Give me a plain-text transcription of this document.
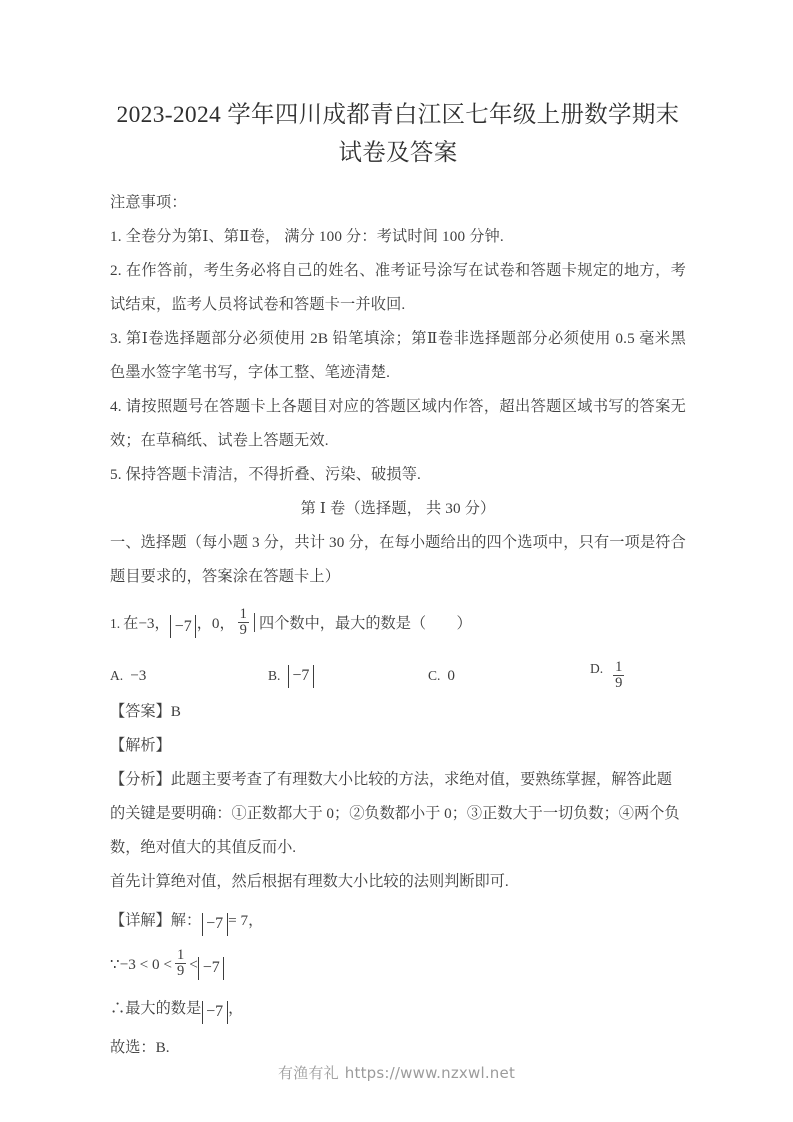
2023-2024 学年四川成都青白江区七年级上册数学期末试卷及答案

注意事项：

1. 全卷分为第Ⅰ、第Ⅱ卷， 满分 100 分：考试时间 100 分钟.

2. 在作答前，考生务必将自己的姓名、准考证号涂写在试卷和答题卡规定的地方，考试结束，监考人员将试卷和答题卡一并收回.

3. 第Ⅰ卷选择题部分必须使用 2B 铅笔填涂；第Ⅱ卷非选择题部分必须使用 0.5 毫米黑色墨水签字笔书写，字体工整、笔迹清楚.

4. 请按照题号在答题卡上各题目对应的答题区域内作答，超出答题区域书写的答案无效；在草稿纸、试卷上答题无效.

5. 保持答题卡清洁，不得折叠、污染、破损等.

第 Ⅰ 卷（选择题， 共 30 分）

一、选择题（每小题 3 分，共计 30 分，在每小题给出的四个选项中，只有一项是符合题目要求的，答案涂在答题卡上）

1. 在−3， −7 ，0， $\frac{1}{9}$ 四个数中，最大的数是（　　）

A. −3	B. −7	C. 0	D. $\frac{1}{9}$

【答案】B

【解析】

【分析】此题主要考查了有理数大小比较的方法，求绝对值，要熟练掌握，解答此题的关键是要明确：①正数都大于 0；②负数都小于 0；③正数大于一切负数；④两个负数，绝对值大的其值反而小.

首先计算绝对值，然后根据有理数大小比较的法则判断即可.

【详解】解： −7 = 7，

∵−3 < $0 < \frac{1}{9} < -7$

∴最大的数是 −7 ，

故选：B.

有渔有礼 https://www.nzxwl.net
